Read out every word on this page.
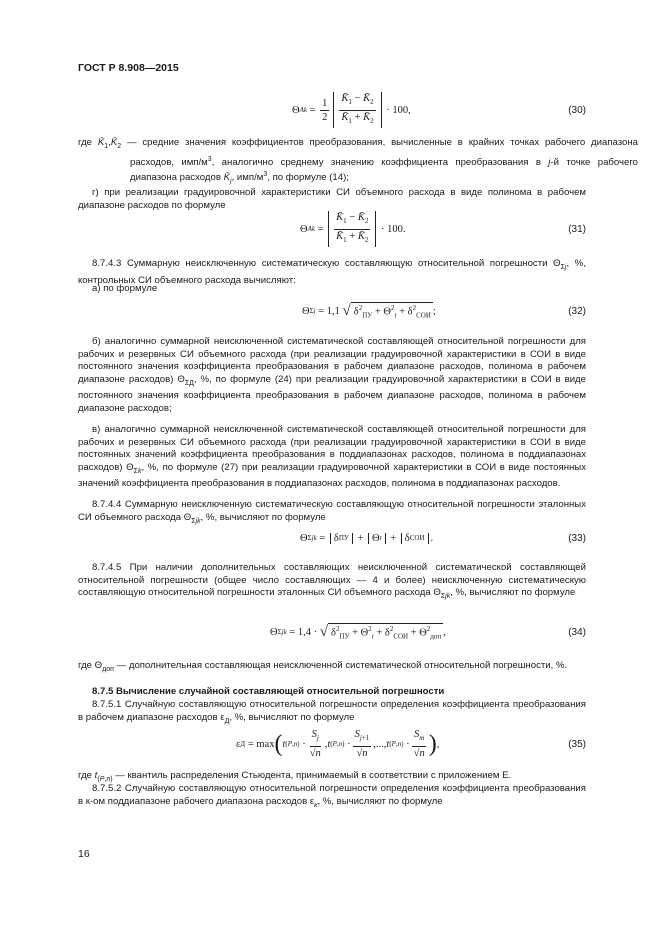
ГОСТ Р 8.908—2015
Θ $Ak = \frac{1}{2} \frac{K̄_1 - K̄_2}{K̄_1 + K̄_2} \cdot 100$ ,	(30)
где $K̄_1,K̄_2$ — средние значения коэффициентов преобразования, вычисленные в крайних точках рабочего диапазона расходов, имп/$м^3$, аналогично среднему значению коэффициента преобразования в j-й точке рабочего диапазона расходов $K̄_j$, имп/$м^3$, по формуле (14);
г) при реализации градуировочной характеристики СИ объемного расхода в виде полинома в рабочем диапазоне расходов по формуле
Θ $Ak = \frac{K̄_1 - K̄_2}{K̄_1 + K̄_2} \cdot 100$ .	(31)
8.7.4.3 Суммарную неисключенную систематическую составляющую относительной погрешности $\Theta_{\Sigma j}$, %, контрольных СИ объемного расхода вычисляют:
а) по формуле
Θ Σj = 1,1 √ $\delta^2_{ПУ} + \Theta^2_t + \delta^2_{СОИ}$ ;	(32)
б) аналогично суммарной неисключенной систематической составляющей относительной погрешности для рабочих и резервных СИ объемного расхода (при реализации градуировочной характеристики в СОИ в виде постоянного значения коэффициента преобразования в рабочем диапазоне расходов, полинома в рабочем диапазоне расходов) $\Theta_{\Sigma Д}$, %, по формуле (24) при реализации градуировочной характеристики в СОИ в виде постоянного значения коэффициента преобразования в рабочем диапазоне расходов, полинома в рабочем диапазоне расходов;
в) аналогично суммарной неисключенной систематической составляющей относительной погрешности для рабочих и резервных СИ объемного расхода (при реализации градуировочной характеристики в СОИ в виде постоянных значений коэффициента преобразования в поддиапазонах расходов, полинома в поддиапазонах расходов) $\Theta_{\Sigma k}$, %, по формуле (27) при реализации градуировочной характеристики в СОИ в виде постоянных значений коэффициента преобразования в поддиапазонах расходов, полинома в поддиапазонах расходов.
8.7.4.4 Суммарную неисключенную систематическую составляющую относительной погрешности эталонных СИ объемного расхода $\Theta_{\Sigma jk}$, %, вычисляют по формуле
Θ Σjk = δ ПУ + Θ t + δ СОИ .	(33)
8.7.4.5 При наличии дополнительных составляющих неисключенной систематической составляющей относительной погрешности (общее число составляющих — 4 и более) неисключенную систематическую составляющую относительной погрешности эталонных СИ объемного расхода $\Theta_{\Sigma jk}$, %, вычисляют по формуле
Θ Σjk = 1,4 · √ $\delta^2_{ПУ} + \Theta^2_t + \delta^2_{СОИ} + \Theta^2_{доп}$ ,	(34)
где $\Theta_{доп}$ — дополнительная составляющая неисключенной систематической относительной погрешности, %.
8.7.5 Вычисление случайной составляющей относительной погрешности
8.7.5.1 Случайную составляющую относительной погрешности определения коэффициента преобразования в рабочем диапазоне расходов $\varepsilon_Д$, %, вычисляют по формуле
ε Д = max ( t $(P,n) \cdot \frac{S_j}{√n}$ , t $(P,n) \cdot \frac{S_{j+1}}{√n}$ ,..., t $(P,n) \cdot \frac{S_m}{√n}$ ) ,	(35)
где $t_{(P,n)}$ — квантиль распределения Стьюдента, принимаемый в соответствии с приложением Е.
8.7.5.2 Случайную составляющую относительной погрешности определения коэффициента преобразования в к-ом поддиапазоне рабочего диапазона расходов $\varepsilon_к$, %, вычисляют по формуле
16
